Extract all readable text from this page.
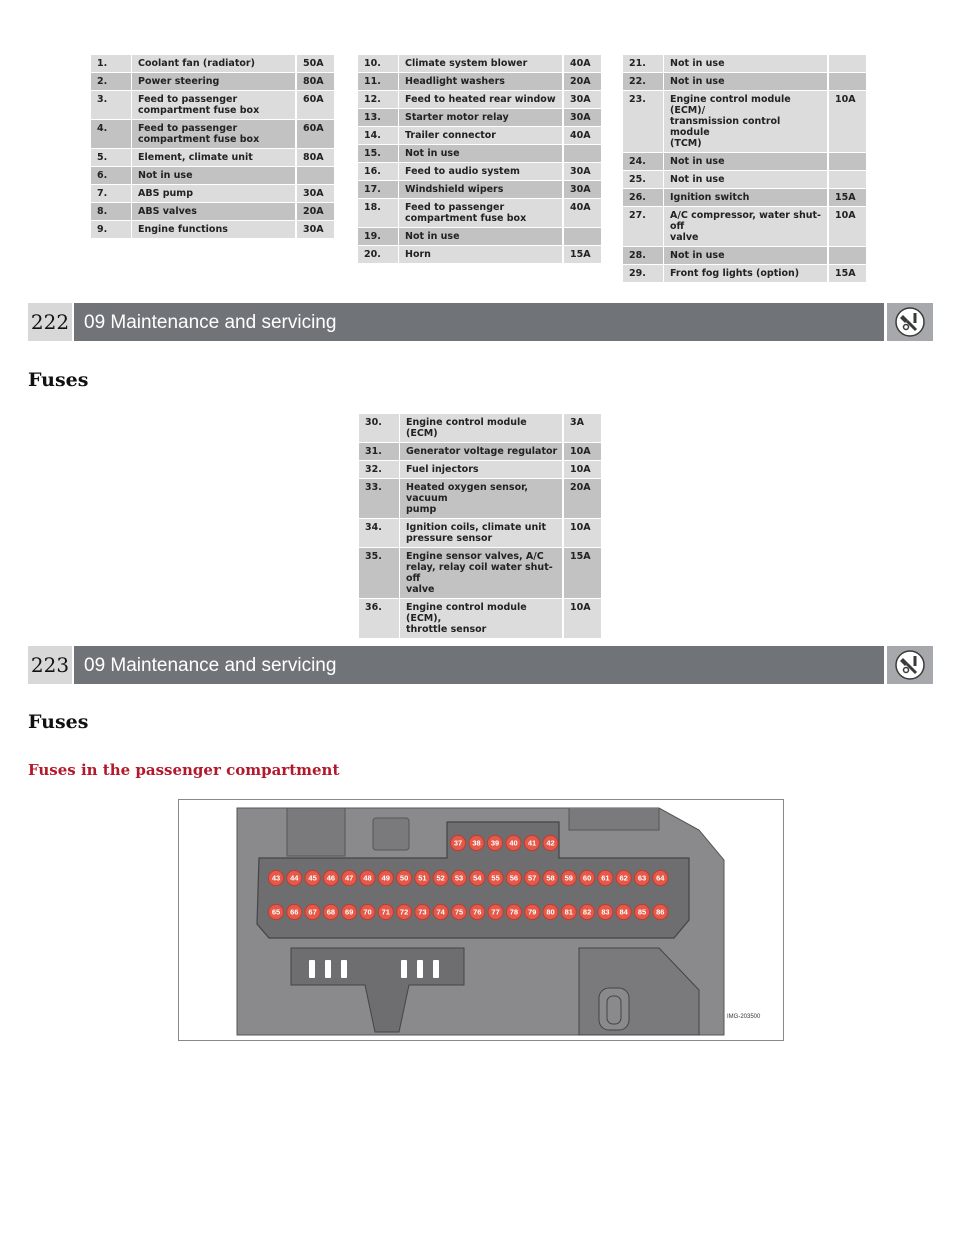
1.	Coolant fan (radiator)	50A
2.	Power steering	80A
3.	Feed to passenger
compartment fuse box	60A
4.	Feed to passenger
compartment fuse box	60A
5.	Element, climate unit	80A
6.	Not in use	
7.	ABS pump	30A
8.	ABS valves	20A
9.	Engine functions	30A
10.	Climate system blower	40A
11.	Headlight washers	20A
12.	Feed to heated rear window	30A
13.	Starter motor relay	30A
14.	Trailer connector	40A
15.	Not in use	
16.	Feed to audio system	30A
17.	Windshield wipers	30A
18.	Feed to passenger
compartment fuse box	40A
19.	Not in use	
20.	Horn	15A
21.	Not in use	
22.	Not in use	
23.	Engine control module (ECM)/
transmission control module
(TCM)	10A
24.	Not in use	
25.	Not in use	
26.	Ignition switch	15A
27.	A/C compressor, water shut-
off
valve	10A
28.	Not in use	
29.	Front fog lights (option)	15A
222 09 Maintenance and servicing
Fuses
30.	Engine control module (ECM)	3A
31.	Generator voltage regulator	10A
32.	Fuel injectors	10A
33.	Heated oxygen sensor,
vacuum
pump	20A
34.	Ignition coils, climate unit
pressure sensor	10A
35.	Engine sensor valves, A/C
relay, relay coil water shut-off
valve	15A
36.	Engine control module (ECM),
throttle sensor	10A
223 09 Maintenance and servicing
Fuses
Fuses in the passenger compartment
37 38 39 40 41 42
43 44 45 46 47 48 49 50 51 52 53 54 55 56 57 58 59 60 61 62 63 64
65 66 67 68 69 70 71 72 73 74 75 76 77 78 79 80 81 82 83 84 85 86
IMG-203500
